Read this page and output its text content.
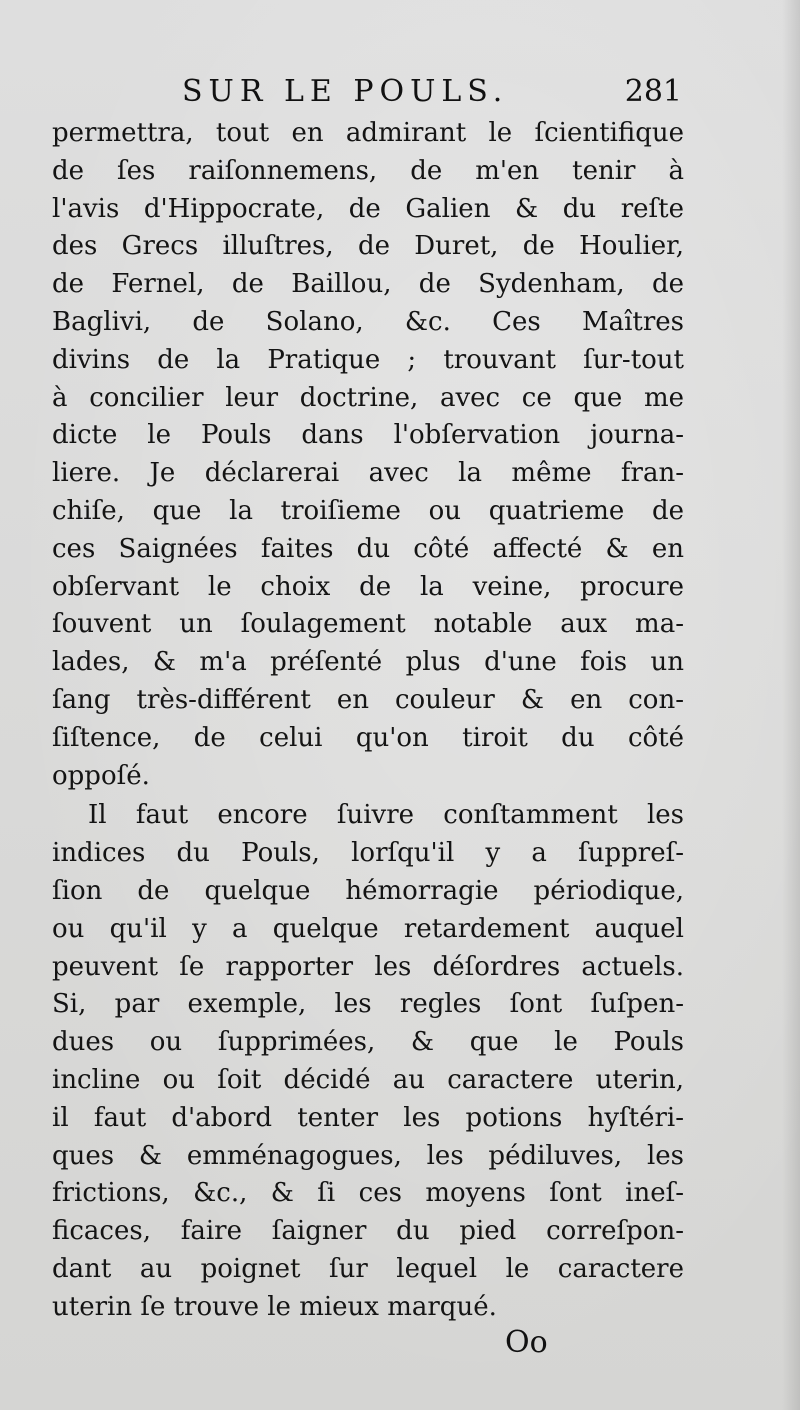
SUR LE POULS.	281
permettra, tout en admirant le ſcientifique
de ſes raiſonnemens, de m'en tenir à
l'avis d'Hippocrate, de Galien & du reſte
des Grecs illuſtres, de Duret, de Houlier,
de Fernel, de Baillou, de Sydenham, de
Baglivi, de Solano, &c. Ces Maîtres
divins de la Pratique ; trouvant ſur-tout
à concilier leur doctrine, avec ce que me
dicte le Pouls dans l'obſervation journa-
liere. Je déclarerai avec la même fran-
chiſe, que la troiſieme ou quatrieme de
ces Saignées faites du côté affecté & en
obſervant le choix de la veine, procure
ſouvent un ſoulagement notable aux ma-
lades, & m'a préſenté plus d'une fois un
ſang très-différent en couleur & en con-
ſiſtence, de celui qu'on tiroit du côté
oppoſé.
Il faut encore ſuivre conſtamment les
indices du Pouls, lorſqu'il y a ſuppreſ-
ſion de quelque hémorragie périodique,
ou qu'il y a quelque retardement auquel
peuvent ſe rapporter les déſordres actuels.
Si, par exemple, les regles ſont ſuſpen-
dues ou ſupprimées, & que le Pouls
incline ou ſoit décidé au caractere uterin,
il faut d'abord tenter les potions hyſtéri-
ques & emménagogues, les pédiluves, les
frictions, &c., & ſi ces moyens ſont ineſ-
ficaces, faire ſaigner du pied correſpon-
dant au poignet ſur lequel le caractere
uterin ſe trouve le mieux marqué.
Oo
